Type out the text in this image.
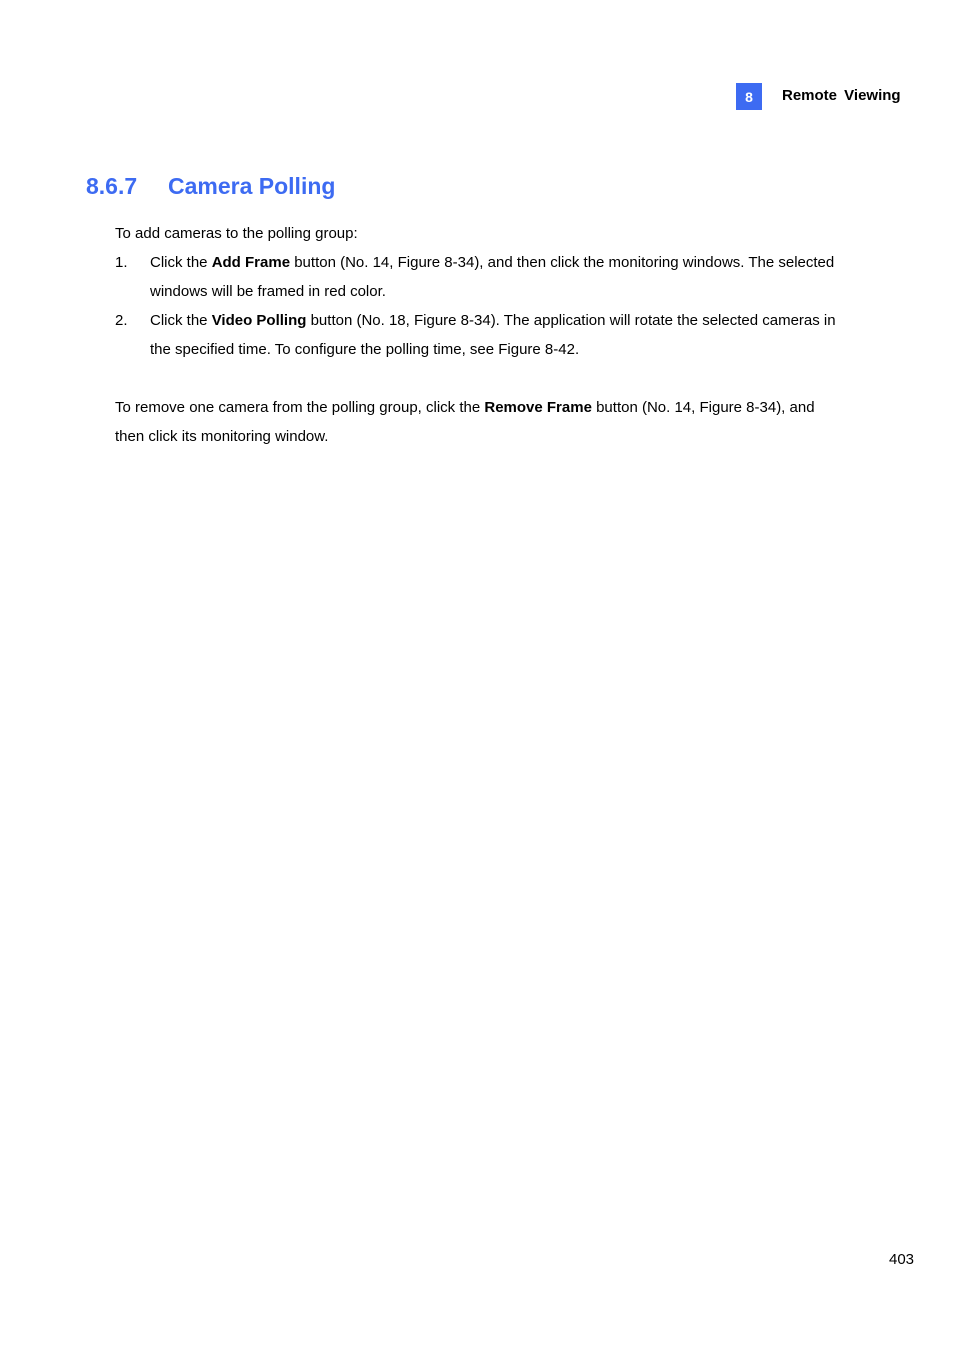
8	Remote Viewing
8.6.7 Camera Polling

To add cameras to the polling group:

1. Click the Add Frame button (No. 14, Figure 8-34), and then click the monitoring windows. The selected windows will be framed in red color.
2. Click the Video Polling button (No. 18, Figure 8-34). The application will rotate the selected cameras in the specified time. To configure the polling time, see Figure 8-42.

To remove one camera from the polling group, click the Remove Frame button (No. 14, Figure 8-34), and then click its monitoring window.

403
